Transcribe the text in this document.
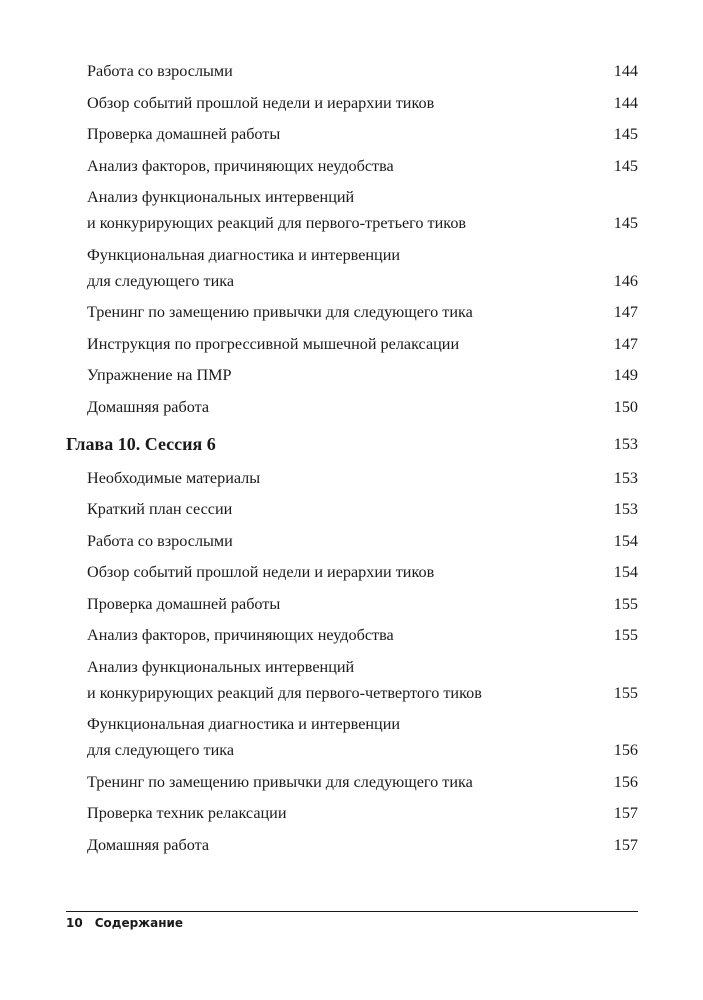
Работа со взрослыми	144
Обзор событий прошлой недели и иерархии тиков	144
Проверка домашней работы	145
Анализ факторов, причиняющих неудобства	145
Анализ функциональных интервенций
и конкурирующих реакций для первого-третьего тиков	145
Функциональная диагностика и интервенции
для следующего тика	146
Тренинг по замещению привычки для следующего тика	147
Инструкция по прогрессивной мышечной релаксации	147
Упражнение на ПМР	149
Домашняя работа	150
Глава 10. Сессия 6	153
Необходимые материалы	153
Краткий план сессии	153
Работа со взрослыми	154
Обзор событий прошлой недели и иерархии тиков	154
Проверка домашней работы	155
Анализ факторов, причиняющих неудобства	155
Анализ функциональных интервенций
и конкурирующих реакций для первого-четвертого тиков	155
Функциональная диагностика и интервенции
для следующего тика	156
Тренинг по замещению привычки для следующего тика	156
Проверка техник релаксации	157
Домашняя работа	157
10 Содержание
